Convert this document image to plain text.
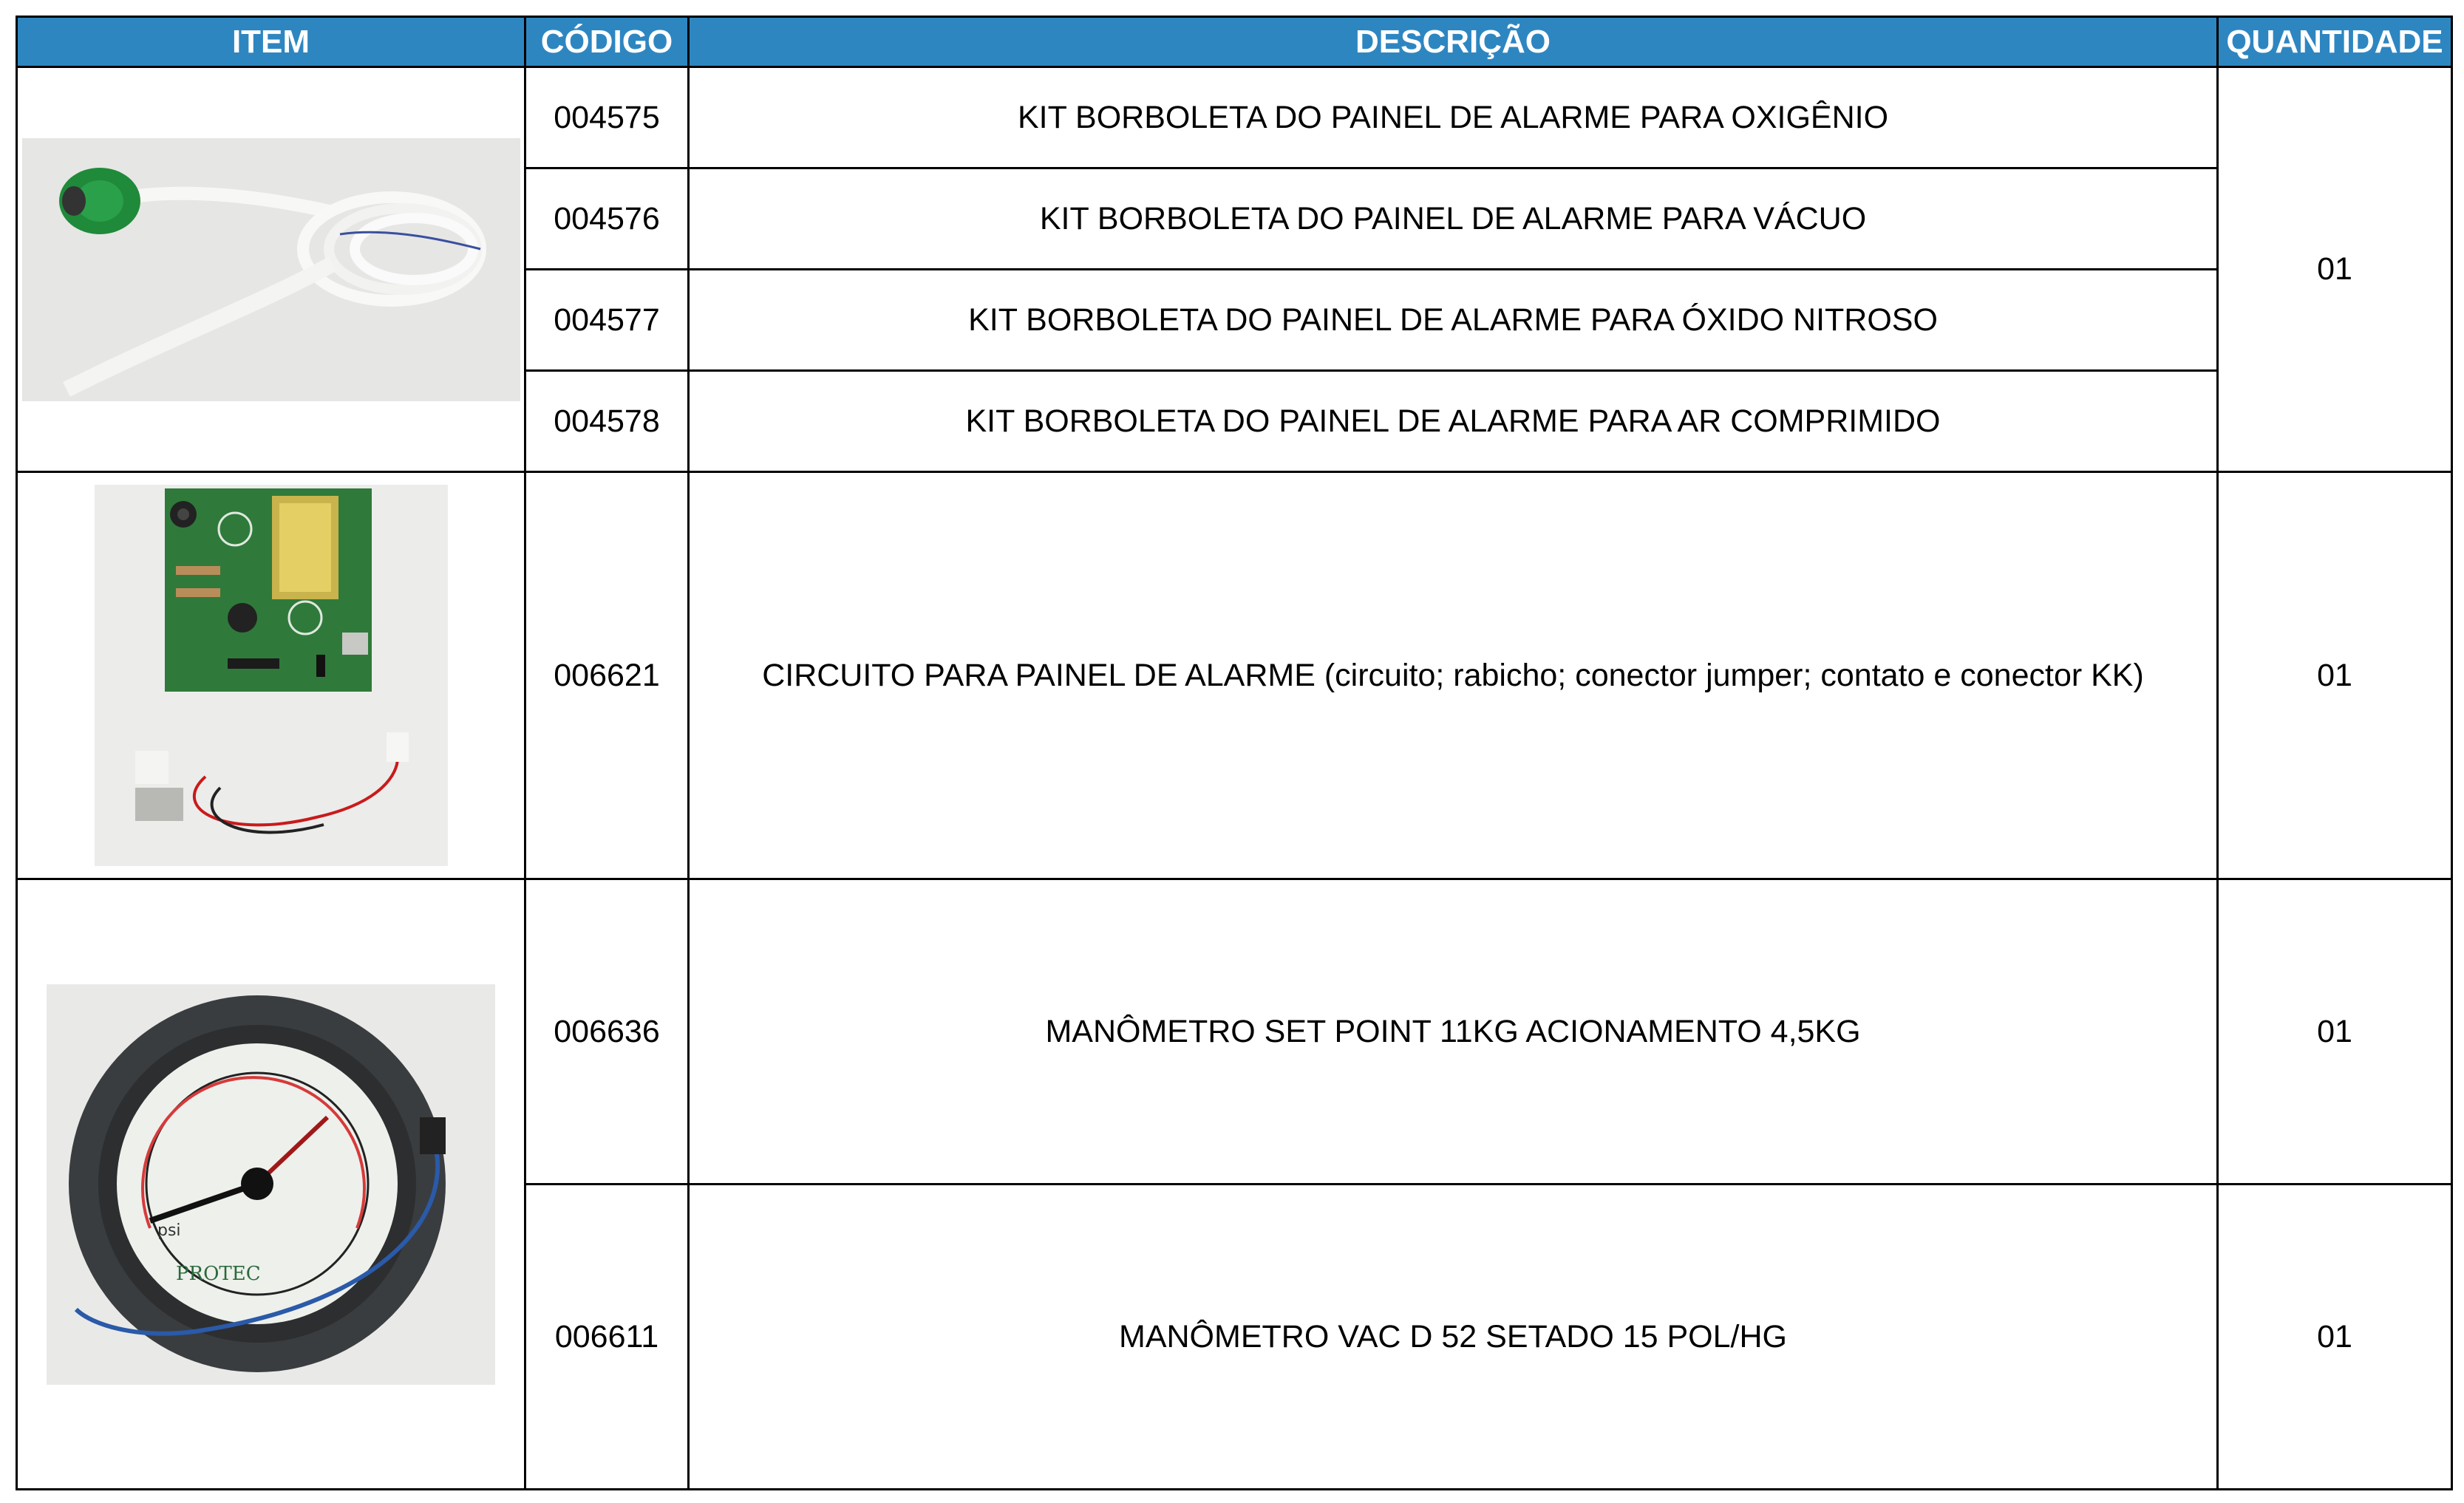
ITEM	CÓDIGO	DESCRIÇÃO	QUANTIDADE

	004575	KIT BORBOLETA DO PAINEL DE ALARME PARA OXIGÊNIO	01
	004576	KIT BORBOLETA DO PAINEL DE ALARME PARA VÁCUO	
	004577	KIT BORBOLETA DO PAINEL DE ALARME PARA ÓXIDO NITROSO	
	004578	KIT BORBOLETA DO PAINEL DE ALARME PARA AR COMPRIMIDO	

	006621	CIRCUITO PARA PAINEL DE ALARME (circuito; rabicho; conector jumper; contato e conector KK)	01

psi
PROTEC	006636	MANÔMETRO SET POINT 11KG ACIONAMENTO 4,5KG	01
	006611	MANÔMETRO VAC D 52 SETADO 15 POL/HG	01
